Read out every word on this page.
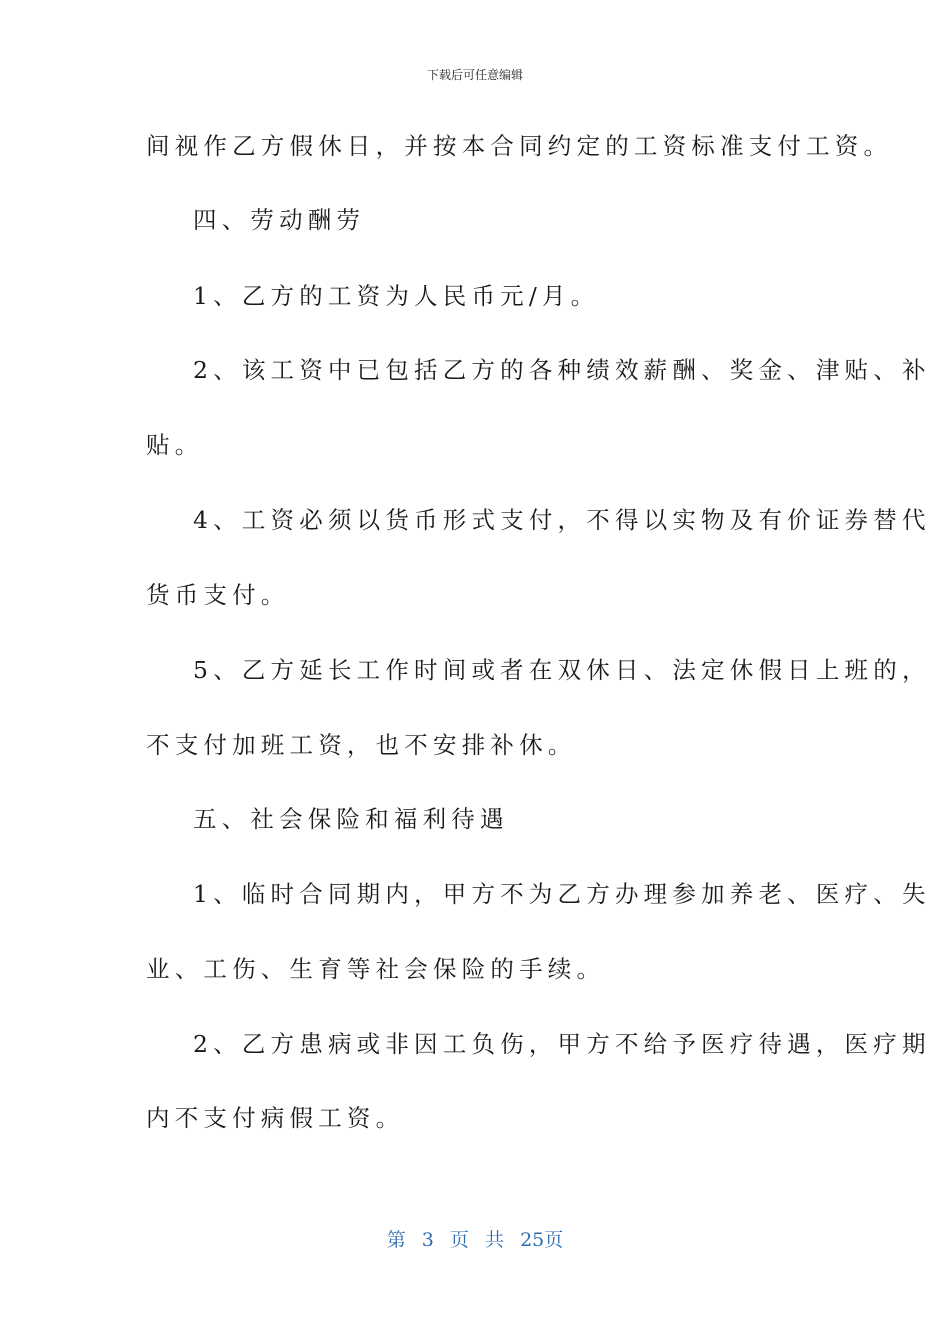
下载后可任意编辑
间视作乙方假休日，并按本合同约定的工资标准支付工资。
四、劳动酬劳
1、乙方的工资为人民币元/月。
2、该工资中已包括乙方的各种绩效薪酬、奖金、津贴、补
贴。
4、工资必须以货币形式支付，不得以实物及有价证券替代
货币支付。
5、乙方延长工作时间或者在双休日、法定休假日上班的，
不支付加班工资，也不安排补休。
五、社会保险和福利待遇
1、临时合同期内，甲方不为乙方办理参加养老、医疗、失
业、工伤、生育等社会保险的手续。
2、乙方患病或非因工负伤，甲方不给予医疗待遇，医疗期
内不支付病假工资。
第 3 页 共 25页
